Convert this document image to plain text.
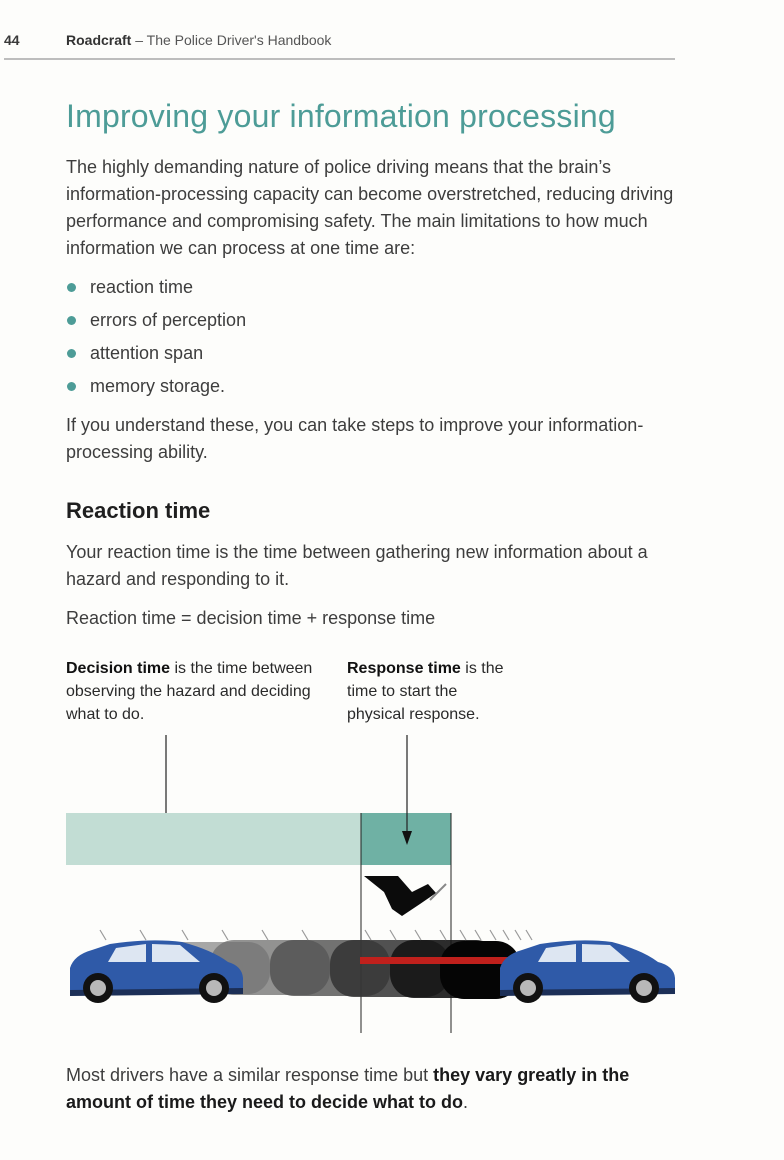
44	Roadcraft – The Police Driver's Handbook
Improving your information processing

The highly demanding nature of police driving means that the brain’s information-processing capacity can become overstretched, reducing driving performance and compromising safety. The main limitations to how much information we can process at one time are:

reaction time
errors of perception
attention span
memory storage.

If you understand these, you can take steps to improve your information-processing ability.

Reaction time

Your reaction time is the time between gathering new information about a hazard and responding to it.

Reaction time = decision time + response time

Decision time is the time between observing the hazard and deciding what to do.
Response time is the time to start the physical response.

Most drivers have a similar response time but they vary greatly in the amount of time they need to decide what to do.
